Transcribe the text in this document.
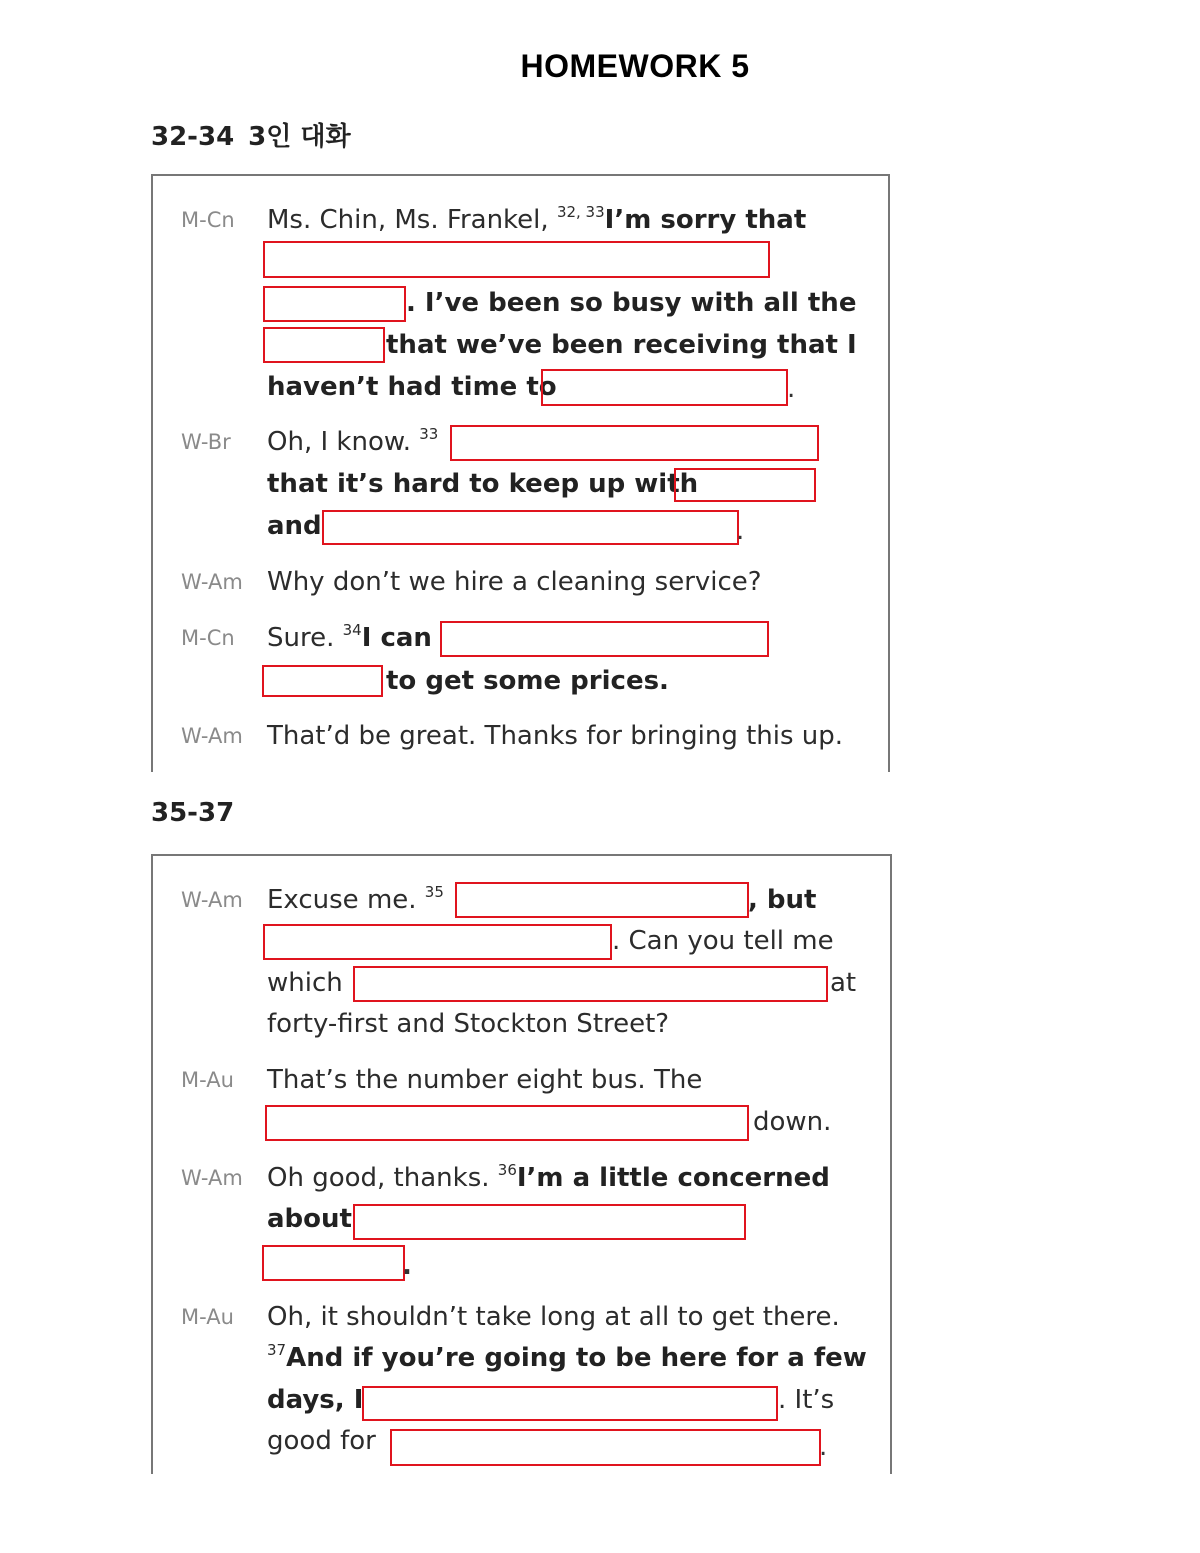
HOMEWORK 5
32-34 3인 대화
M-Cn Ms. Chin, Ms. Frankel, $^{32, 33}$I’m sorry that
. I’ve been so busy with all the
that we’ve been receiving that I
haven’t had time to	.
W-Br Oh, I know. $^{33}$
that it’s hard to keep up with
and	.
W-Am Why don’t we hire a cleaning service?
M-Cn Sure. $^{34}$I can
to get some prices.
W-Am That’d be great. Thanks for bringing this up.
35-37
W-Am Excuse me. $^{35}$	, but
. Can you tell me
which	at
forty-first and Stockton Street?
M-Au That’s the number eight bus. The
down.
W-Am Oh good, thanks. $^{36}$I’m a little concerned
about
.
M-Au Oh, it shouldn’t take long at all to get there.
$^{37}$And if you’re going to be here for a few
days, I	. It’s
good for	.
